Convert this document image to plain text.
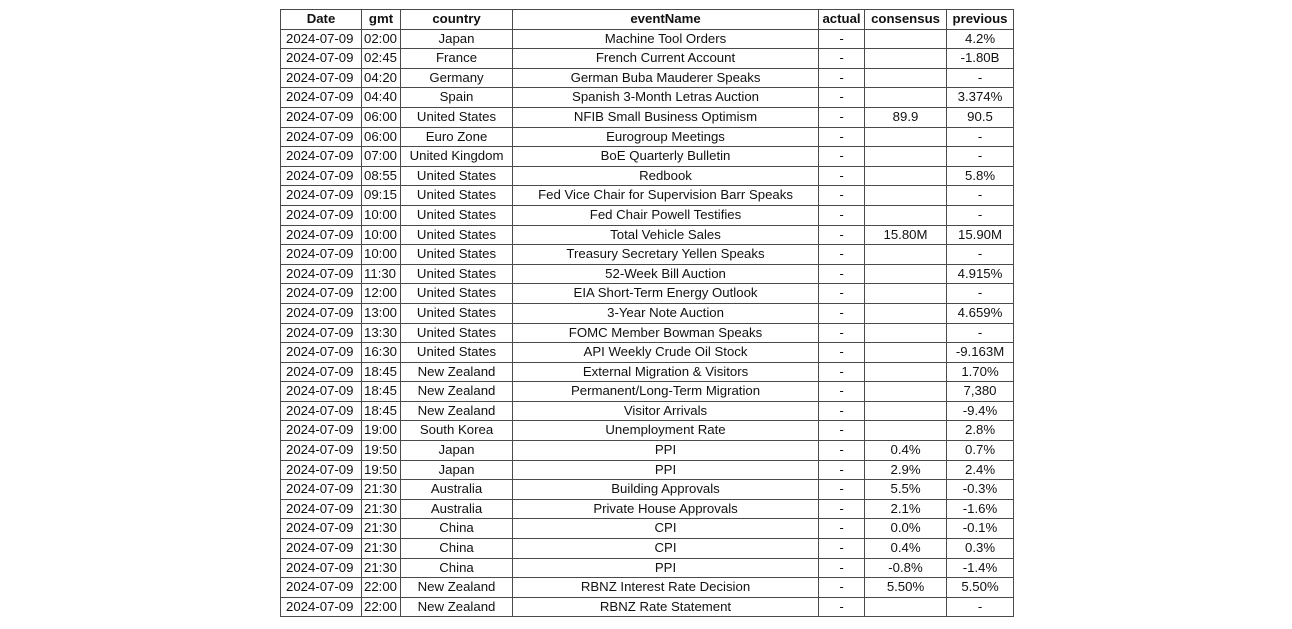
Date	gmt	country	eventName	actual	consensus	previous
2024-07-09	02:00	Japan	Machine Tool Orders	-		4.2%
2024-07-09	02:45	France	French Current Account	-		-1.80B
2024-07-09	04:20	Germany	German Buba Mauderer Speaks	-		-
2024-07-09	04:40	Spain	Spanish 3-Month Letras Auction	-		3.374%
2024-07-09	06:00	United States	NFIB Small Business Optimism	-	89.9	90.5
2024-07-09	06:00	Euro Zone	Eurogroup Meetings	-		-
2024-07-09	07:00	United Kingdom	BoE Quarterly Bulletin	-		-
2024-07-09	08:55	United States	Redbook	-		5.8%
2024-07-09	09:15	United States	Fed Vice Chair for Supervision Barr Speaks	-		-
2024-07-09	10:00	United States	Fed Chair Powell Testifies	-		-
2024-07-09	10:00	United States	Total Vehicle Sales	-	15.80M	15.90M
2024-07-09	10:00	United States	Treasury Secretary Yellen Speaks	-		-
2024-07-09	11:30	United States	52-Week Bill Auction	-		4.915%
2024-07-09	12:00	United States	EIA Short-Term Energy Outlook	-		-
2024-07-09	13:00	United States	3-Year Note Auction	-		4.659%
2024-07-09	13:30	United States	FOMC Member Bowman Speaks	-		-
2024-07-09	16:30	United States	API Weekly Crude Oil Stock	-		-9.163M
2024-07-09	18:45	New Zealand	External Migration & Visitors	-		1.70%
2024-07-09	18:45	New Zealand	Permanent/Long-Term Migration	-		7,380
2024-07-09	18:45	New Zealand	Visitor Arrivals	-		-9.4%
2024-07-09	19:00	South Korea	Unemployment Rate	-		2.8%
2024-07-09	19:50	Japan	PPI	-	0.4%	0.7%
2024-07-09	19:50	Japan	PPI	-	2.9%	2.4%
2024-07-09	21:30	Australia	Building Approvals	-	5.5%	-0.3%
2024-07-09	21:30	Australia	Private House Approvals	-	2.1%	-1.6%
2024-07-09	21:30	China	CPI	-	0.0%	-0.1%
2024-07-09	21:30	China	CPI	-	0.4%	0.3%
2024-07-09	21:30	China	PPI	-	-0.8%	-1.4%
2024-07-09	22:00	New Zealand	RBNZ Interest Rate Decision	-	5.50%	5.50%
2024-07-09	22:00	New Zealand	RBNZ Rate Statement	-		-
